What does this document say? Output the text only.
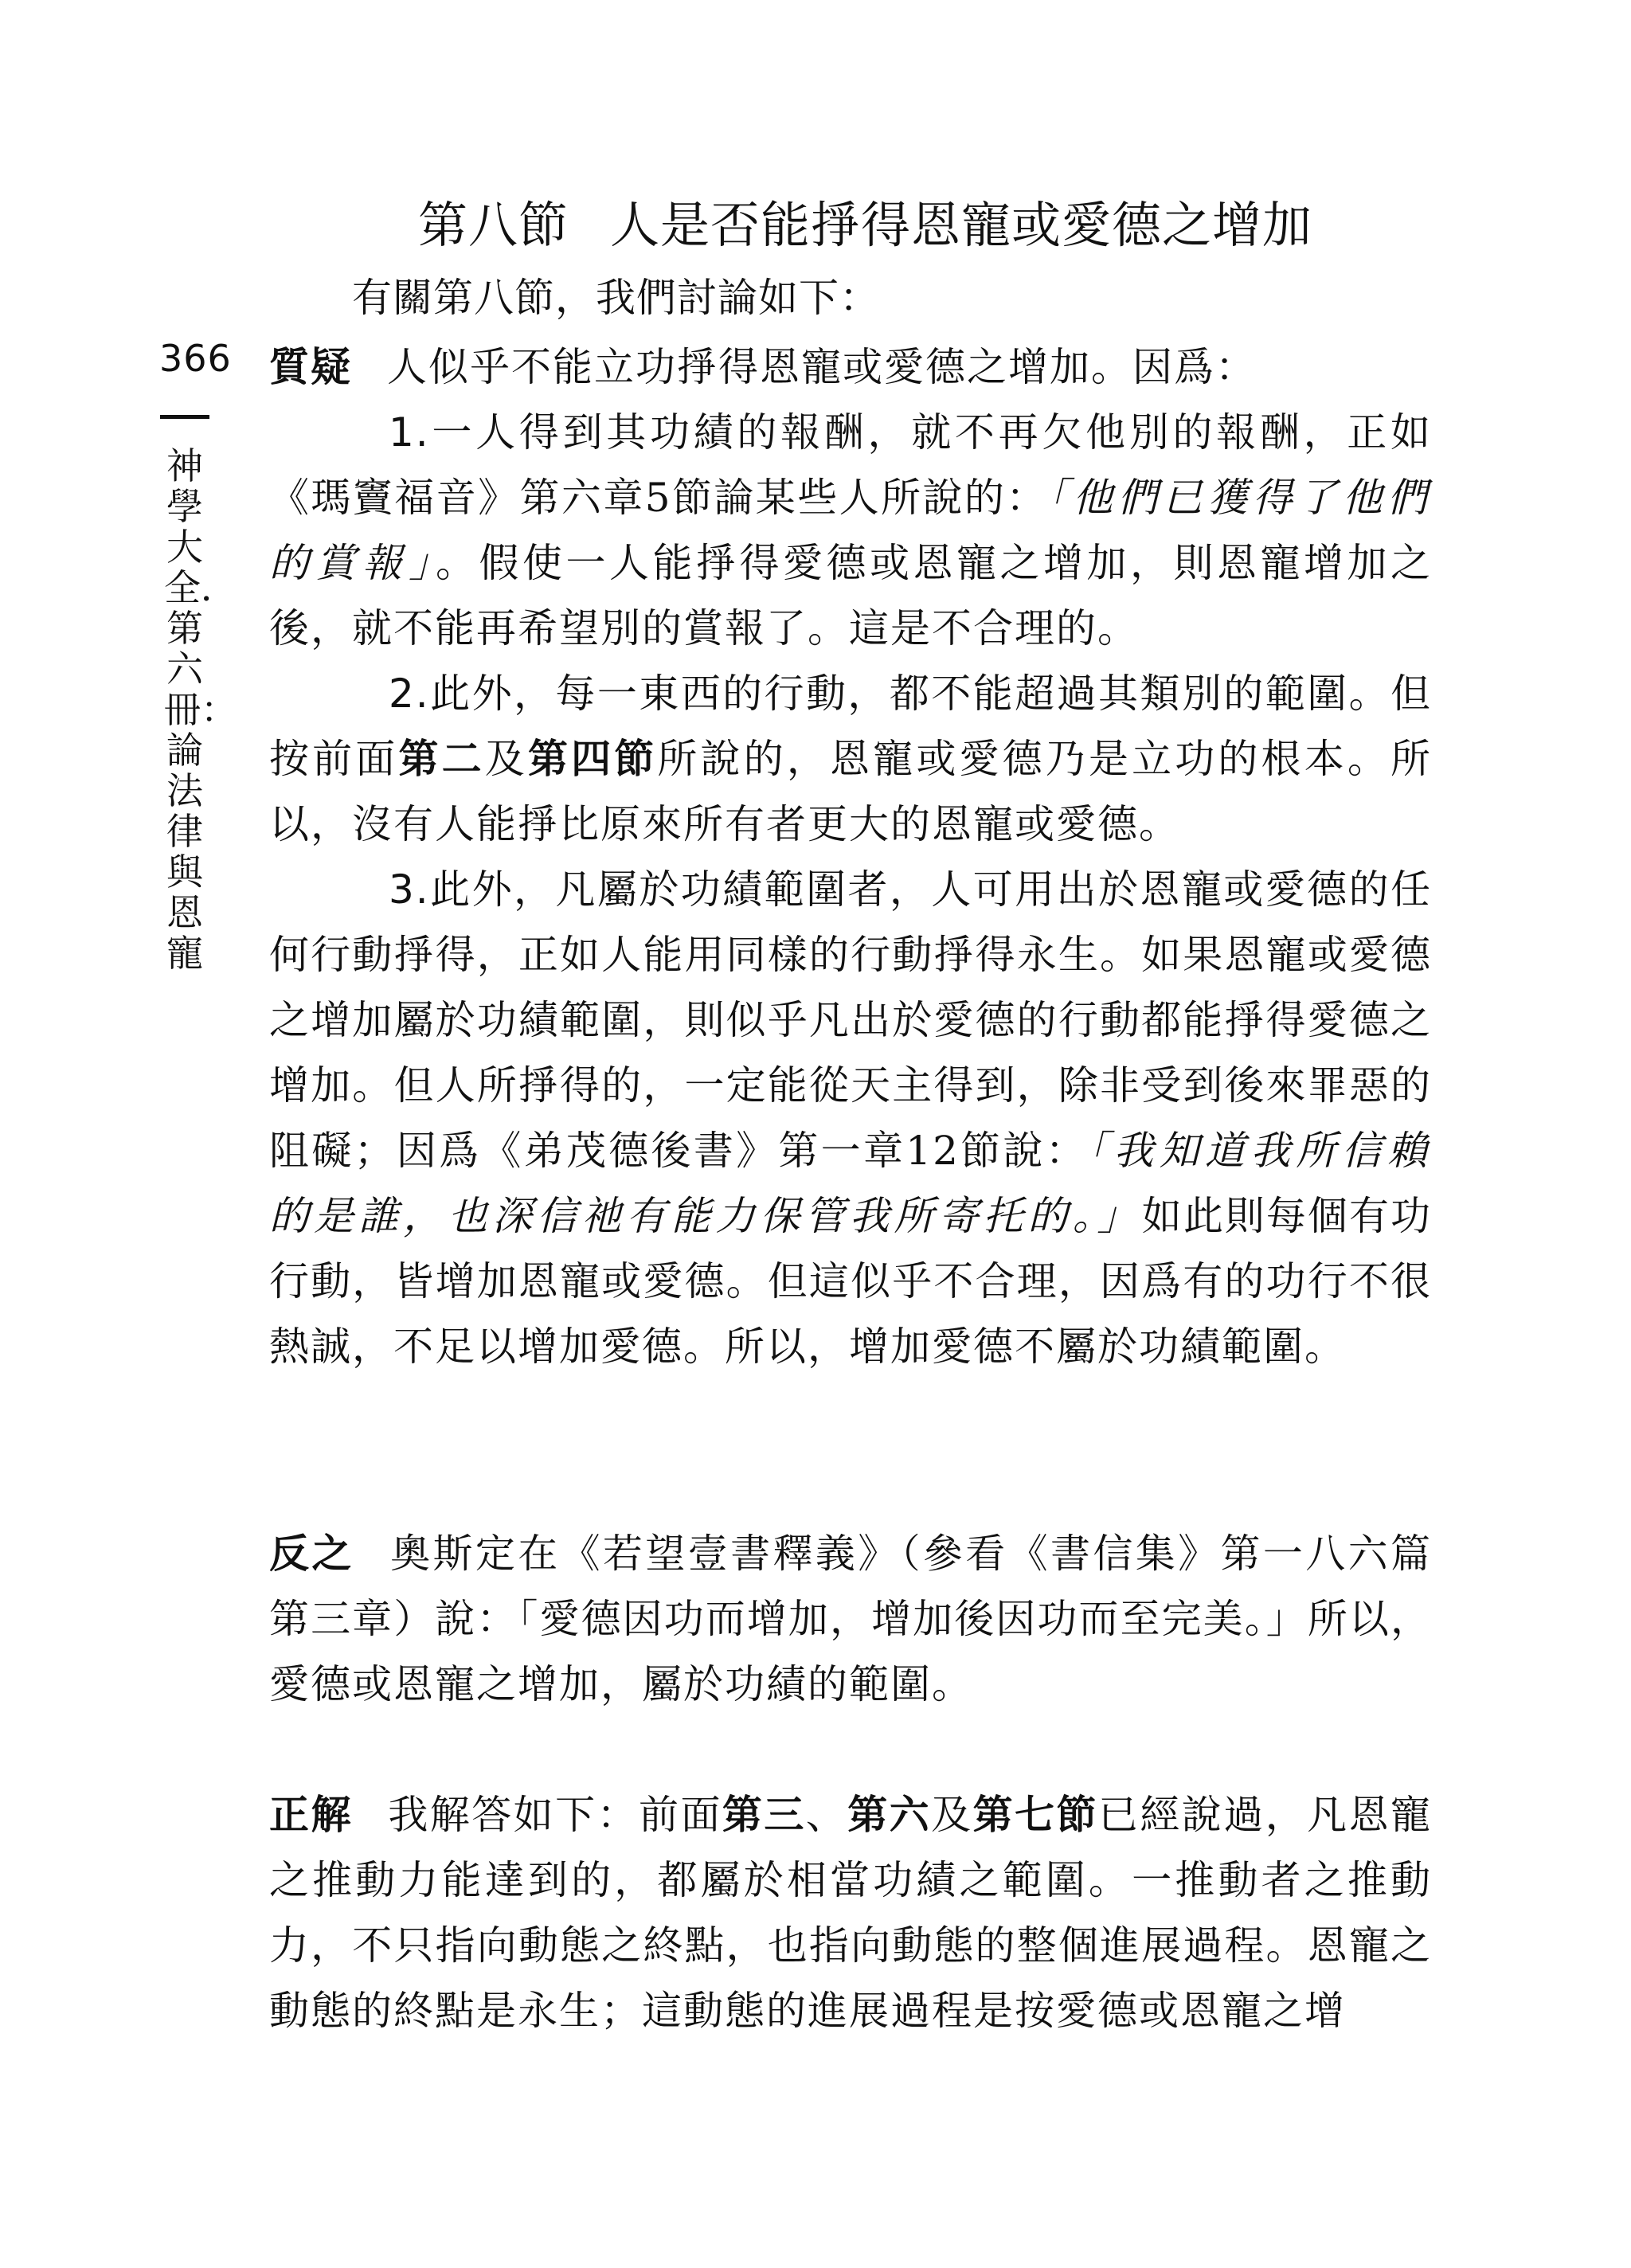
第八節 人是否能掙得恩寵或愛德之增加
有關第八節，我們討論如下：
366
神學大全．第六冊：論法律與恩寵

質疑 人似乎不能立功掙得恩寵或愛德之增加。因爲：

1.一人得到其功績的報酬，就不再欠他別的報酬，正如《瑪竇福音》第六章5節論某些人所說的：「他們已獲得了他們的賞報」。假使一人能掙得愛德或恩寵之增加，則恩寵增加之後，就不能再希望別的賞報了。這是不合理的。

2.此外，每一東西的行動，都不能超過其類別的範圍。但按前面第二及第四節所說的，恩寵或愛德乃是立功的根本。所以，沒有人能掙比原來所有者更大的恩寵或愛德。

3.此外，凡屬於功績範圍者，人可用出於恩寵或愛德的任何行動掙得，正如人能用同樣的行動掙得永生。如果恩寵或愛德之增加屬於功績範圍，則似乎凡出於愛德的行動都能掙得愛德之增加。但人所掙得的，一定能從天主得到，除非受到後來罪惡的阻礙；因爲《弟茂德後書》第一章12節說：「我知道我所信賴的是誰，也深信祂有能力保管我所寄托的。」如此則每個有功行動，皆增加恩寵或愛德。但這似乎不合理，因爲有的功行不很熱誠，不足以增加愛德。所以，增加愛德不屬於功績範圍。

反之 奧斯定在《若望壹書釋義》（參看《書信集》第一八六篇第三章）說：「愛德因功而增加，增加後因功而至完美。」所以，愛德或恩寵之增加，屬於功績的範圍。

正解 我解答如下：前面第三、第六及第七節已經說過，凡恩寵之推動力能達到的，都屬於相當功績之範圍。一推動者之推動力，不只指向動態之終點，也指向動態的整個進展過程。恩寵之動態的終點是永生；這動態的進展過程是按愛德或恩寵之增
